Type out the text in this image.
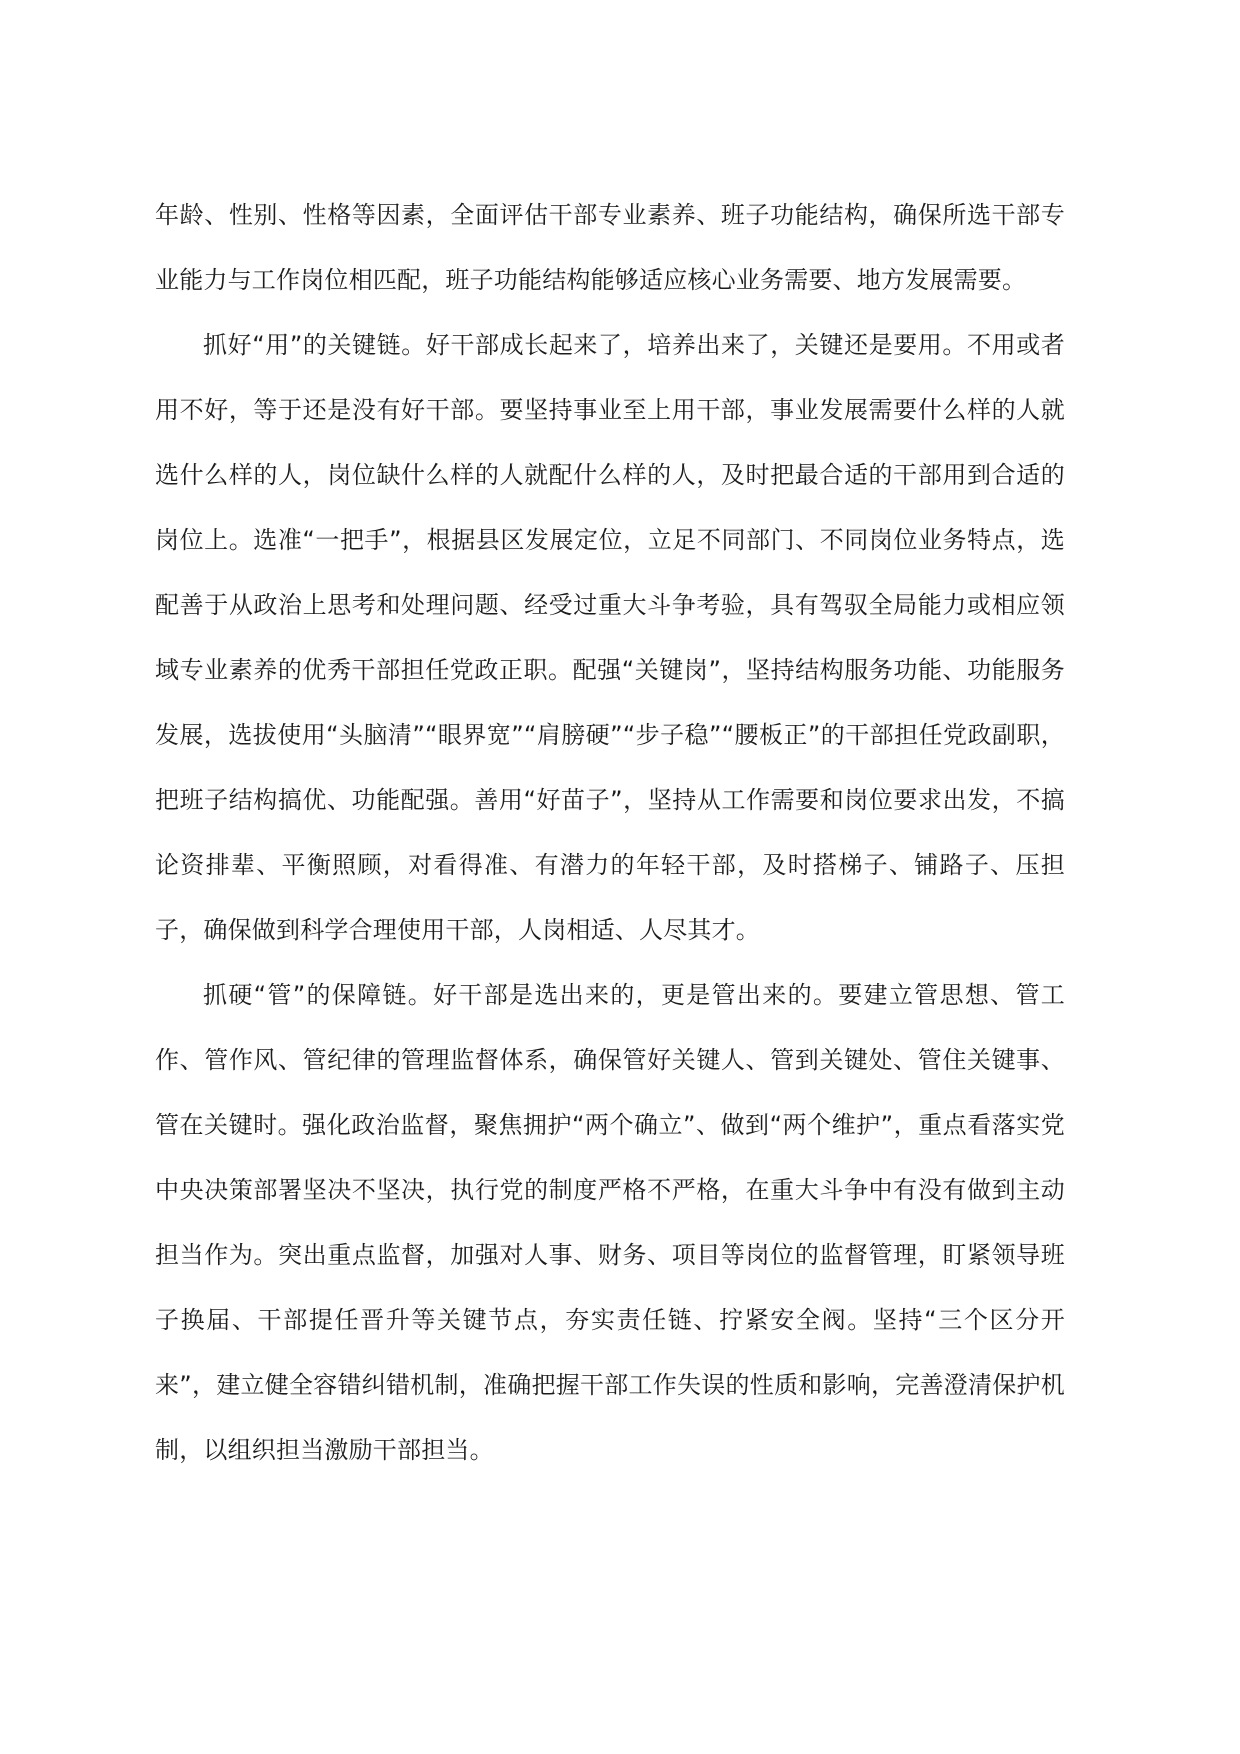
年龄、性别、性格等因素，全面评估干部专业素养、班子功能结构，确保所选干部专业能力与工作岗位相匹配，班子功能结构能够适应核心业务需要、地方发展需要。

抓好“用”的关键链。好干部成长起来了，培养出来了，关键还是要用。不用或者用不好，等于还是没有好干部。要坚持事业至上用干部，事业发展需要什么样的人就选什么样的人，岗位缺什么样的人就配什么样的人，及时把最合适的干部用到合适的岗位上。选准“一把手”，根据县区发展定位，立足不同部门、不同岗位业务特点，选配善于从政治上思考和处理问题、经受过重大斗争考验，具有驾驭全局能力或相应领域专业素养的优秀干部担任党政正职。配强“关键岗”，坚持结构服务功能、功能服务发展，选拔使用“头脑清”“眼界宽”“肩膀硬”“步子稳”“腰板正”的干部担任党政副职，把班子结构搞优、功能配强。善用“好苗子”，坚持从工作需要和岗位要求出发，不搞论资排辈、平衡照顾，对看得准、有潜力的年轻干部，及时搭梯子、铺路子、压担子，确保做到科学合理使用干部，人岗相适、人尽其才。

抓硬“管”的保障链。好干部是选出来的，更是管出来的。要建立管思想、管工作、管作风、管纪律的管理监督体系，确保管好关键人、管到关键处、管住关键事、管在关键时。强化政治监督，聚焦拥护“两个确立”、做到“两个维护”，重点看落实党中央决策部署坚决不坚决，执行党的制度严格不严格，在重大斗争中有没有做到主动担当作为。突出重点监督，加强对人事、财务、项目等岗位的监督管理，盯紧领导班子换届、干部提任晋升等关键节点，夯实责任链、拧紧安全阀。坚持“三个区分开来”，建立健全容错纠错机制，准确把握干部工作失误的性质和影响，完善澄清保护机制，以组织担当激励干部担当。
